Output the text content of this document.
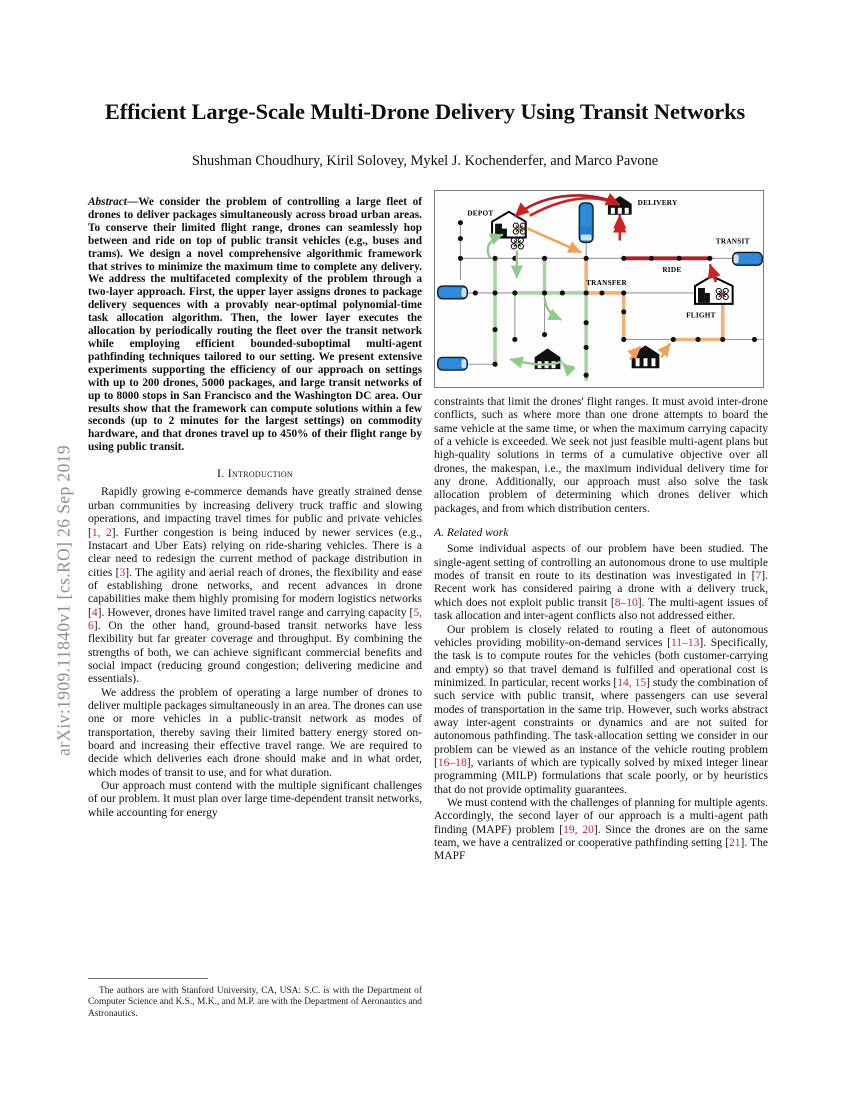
arXiv:1909.11840v1 [cs.RO] 26 Sep 2019
Efficient Large-Scale Multi-Drone Delivery Using Transit Networks
Shushman Choudhury, Kiril Solovey, Mykel J. Kochenderfer, and Marco Pavone
DEPOT
DELIVERY
TRANSIT
RIDE
TRANSFER
FLIGHT

Abstract—We consider the problem of controlling a large fleet of drones to deliver packages simultaneously across broad urban areas. To conserve their limited flight range, drones can seamlessly hop between and ride on top of public transit vehicles (e.g., buses and trams). We design a novel comprehensive algorithmic framework that strives to minimize the maximum time to complete any delivery. We address the multifaceted complexity of the problem through a two-layer approach. First, the upper layer assigns drones to package delivery sequences with a provably near-optimal polynomial-time task allocation algorithm. Then, the lower layer executes the allocation by periodically routing the fleet over the transit network while employing efficient bounded-suboptimal multi-agent pathfinding techniques tailored to our setting. We present extensive experiments supporting the efficiency of our approach on settings with up to 200 drones, 5000 packages, and large transit networks of up to 8000 stops in San Francisco and the Washington DC area. Our results show that the framework can compute solutions within a few seconds (up to 2 minutes for the largest settings) on commodity hardware, and that drones travel up to 450% of their flight range by using public transit.

I. Introduction

Rapidly growing e-commerce demands have greatly strained dense urban communities by increasing delivery truck traffic and slowing operations, and impacting travel times for public and private vehicles [1, 2]. Further congestion is being induced by newer services (e.g., Instacart and Uber Eats) relying on ride-sharing vehicles. There is a clear need to redesign the current method of package distribution in cities [3]. The agility and aerial reach of drones, the flexibility and ease of establishing drone networks, and recent advances in drone capabilities make them highly promising for modern logistics networks [4]. However, drones have limited travel range and carrying capacity [5, 6]. On the other hand, ground-based transit networks have less flexibility but far greater coverage and throughput. By combining the strengths of both, we can achieve significant commercial benefits and social impact (reducing ground congestion; delivering medicine and essentials).

We address the problem of operating a large number of drones to deliver multiple packages simultaneously in an area. The drones can use one or more vehicles in a public-transit network as modes of transportation, thereby saving their limited battery energy stored on-board and increasing their effective travel range. We are required to decide which deliveries each drone should make and in what order, which modes of transit to use, and for what duration.

Our approach must contend with the multiple significant challenges of our problem. It must plan over large time-dependent transit networks, while accounting for energy

constraints that limit the drones' flight ranges. It must avoid inter-drone conflicts, such as where more than one drone attempts to board the same vehicle at the same time, or when the maximum carrying capacity of a vehicle is exceeded. We seek not just feasible multi-agent plans but high-quality solutions in terms of a cumulative objective over all drones, the makespan, i.e., the maximum individual delivery time for any drone. Additionally, our approach must also solve the task allocation problem of determining which drones deliver which packages, and from which distribution centers.

A. Related work

Some individual aspects of our problem have been studied. The single-agent setting of controlling an autonomous drone to use multiple modes of transit en route to its destination was investigated in [7]. Recent work has considered pairing a drone with a delivery truck, which does not exploit public transit [8–10]. The multi-agent issues of task allocation and inter-agent conflicts also not addressed either.

Our problem is closely related to routing a fleet of autonomous vehicles providing mobility-on-demand services [11–13]. Specifically, the task is to compute routes for the vehicles (both customer-carrying and empty) so that travel demand is fulfilled and operational cost is minimized. In particular, recent works [14, 15] study the combination of such service with public transit, where passengers can use several modes of transportation in the same trip. However, such works abstract away inter-agent constraints or dynamics and are not suited for autonomous pathfinding. The task-allocation setting we consider in our problem can be viewed as an instance of the vehicle routing problem [16–18], variants of which are typically solved by mixed integer linear programming (MILP) formulations that scale poorly, or by heuristics that do not provide optimality guarantees.

We must contend with the challenges of planning for multiple agents. Accordingly, the second layer of our approach is a multi-agent path finding (MAPF) problem [19, 20]. Since the drones are on the same team, we have a centralized or cooperative pathfinding setting [21]. The MAPF

The authors are with Stanford University, CA, USA: S.C. is with the Department of Computer Science and K.S., M.K., and M.P. are with the Department of Aeronautics and Astronautics.
